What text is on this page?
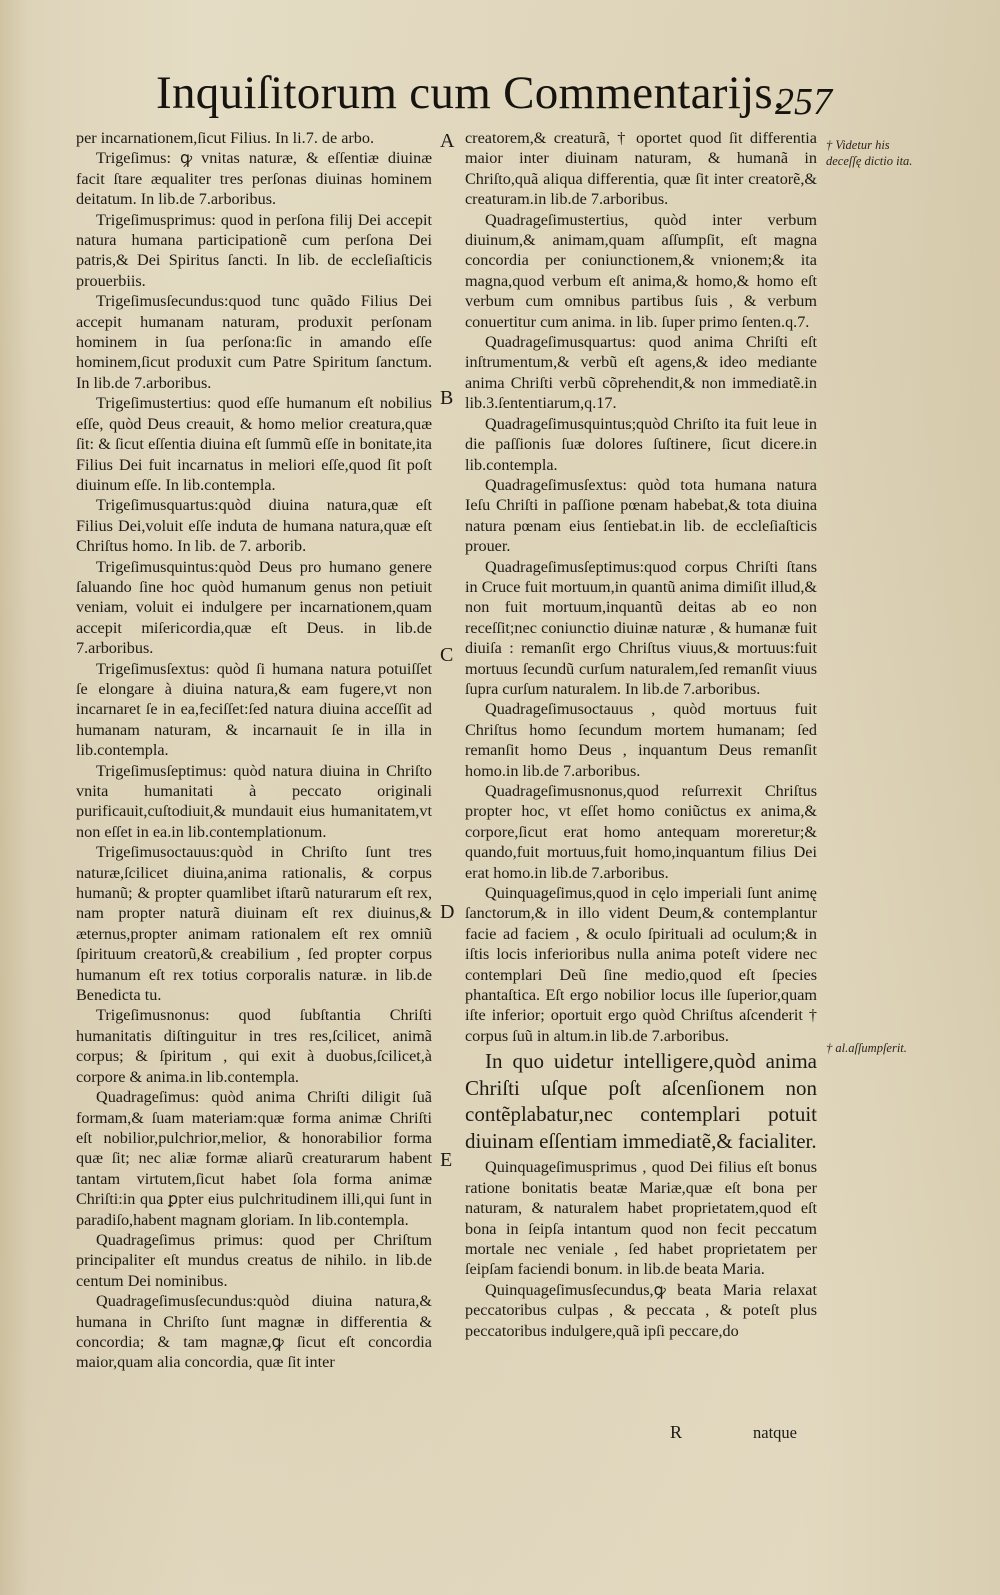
Inquiſitorum cum Commentarijs.
257

per incarnationem,ſicut Filius. In li.7. de arbo.

Trigeſimus: ꝙ vnitas naturæ, & eſſentiæ diuinæ facit ſtare æqualiter tres perſonas diuinas hominem deitatum. In lib.de 7.arboribus.

Trigeſimusprimus: quod in perſona filij Dei accepit natura humana participationẽ cum perſona Dei patris,& Dei Spiritus ſancti. In lib. de eccleſiaſticis prouerbiis.

Trigeſimusſecundus:quod tunc quãdo Filius Dei accepit humanam naturam, produxit perſonam hominem in ſua perſona:ſic in amando eſſe hominem,ſicut produxit cum Patre Spiritum ſanctum. In lib.de 7.arboribus.

Trigeſimustertius: quod eſſe humanum eſt nobilius eſſe, quòd Deus creauit, & homo melior creatura,quæ ſit: & ſicut eſſentia diuina eſt ſummũ eſſe in bonitate,ita Filius Dei fuit incarnatus in meliori eſſe,quod ſit poſt diuinum eſſe. In lib.contempla.

Trigeſimusquartus:quòd diuina natura,quæ eſt Filius Dei,voluit eſſe induta de humana natura,quæ eſt Chriſtus homo. In lib. de 7. arborib.

Trigeſimusquintus:quòd Deus pro humano genere ſaluando ſine hoc quòd humanum genus non petiuit veniam, voluit ei indulgere per incarnationem,quam accepit miſericordia,quæ eſt Deus. in lib.de 7.arboribus.

Trigeſimusſextus: quòd ſi humana natura potuiſſet ſe elongare à diuina natura,& eam fugere,vt non incarnaret ſe in ea,feciſſet:ſed natura diuina acceſſit ad humanam naturam, & incarnauit ſe in illa in lib.contempla.

Trigeſimusſeptimus: quòd natura diuina in Chriſto vnita humanitati à peccato originali purificauit,cuſtodiuit,& mundauit eius humanitatem,vt non eſſet in ea.in lib.contemplationum.

Trigeſimusoctauus:quòd in Chriſto ſunt tres naturæ,ſcilicet diuina,anima rationalis, & corpus humanũ; & propter quamlibet iſtarũ naturarum eſt rex, nam propter naturã diuinam eſt rex diuinus,& æternus,propter animam rationalem eſt rex omniũ ſpirituum creatorũ,& creabilium , ſed propter corpus humanum eſt rex totius corporalis naturæ. in lib.de Benedicta tu.

Trigeſimusnonus: quod ſubſtantia Chriſti humanitatis diſtinguitur in tres res,ſcilicet, animã corpus; & ſpiritum , qui exit à duobus,ſcilicet,à corpore & anima.in lib.contempla.

Quadrageſimus: quòd anima Chriſti diligit ſuã formam,& ſuam materiam:quæ forma animæ Chriſti eſt nobilior,pulchrior,melior, & honorabilior forma quæ ſit; nec aliæ formæ aliarũ creaturarum habent tantam virtutem,ſicut habet ſola forma animæ Chriſti:in qua ꝑpter eius pulchritudinem illi,qui ſunt in paradiſo,habent magnam gloriam. In lib.contempla.

Quadrageſimus primus: quod per Chriſtum principaliter eſt mundus creatus de nihilo. in lib.de centum Dei nominibus.

Quadrageſimusſecundus:quòd diuina natura,& humana in Chriſto ſunt magnæ in differentia & concordia; & tam magnæ,ꝙ ſicut eſt concordia maior,quam alia concordia, quæ ſit inter

creatorem,& creaturã, † oportet quod ſit differentia maior inter diuinam naturam, & humanã in Chriſto,quã aliqua differentia, quæ ſit inter creatorẽ,& creaturam.in lib.de 7.arboribus.

Quadrageſimustertius, quòd inter verbum diuinum,& animam,quam aſſumpſit, eſt magna concordia per coniunctionem,& vnionem;& ita magna,quod verbum eſt anima,& homo,& homo eſt verbum cum omnibus partibus ſuis , & verbum conuertitur cum anima. in lib. ſuper primo ſenten.q.7.

Quadrageſimusquartus: quod anima Chriſti eſt inſtrumentum,& verbũ eſt agens,& ideo mediante anima Chriſti verbũ cõprehendit,& non immediatẽ.in lib.3.ſententiarum,q.17.

Quadrageſimusquintus;quòd Chriſto ita fuit leue in die paſſionis ſuæ dolores ſuſtinere, ſicut dicere.in lib.contempla.

Quadrageſimusſextus: quòd tota humana natura Ieſu Chriſti in paſſione pœnam habebat,& tota diuina natura pœnam eius ſentiebat.in lib. de eccleſiaſticis prouer.

Quadrageſimusſeptimus:quod corpus Chriſti ſtans in Cruce fuit mortuum,in quantũ anima dimiſit illud,& non fuit mortuum,inquantũ deitas ab eo non receſſit;nec coniunctio diuinæ naturæ , & humanæ fuit diuiſa : remanſit ergo Chriſtus viuus,& mortuus:fuit mortuus ſecundũ curſum naturalem,ſed remanſit viuus ſupra curſum naturalem. In lib.de 7.arboribus.

Quadrageſimusoctauus , quòd mortuus fuit Chriſtus homo ſecundum mortem humanam; ſed remanſit homo Deus , inquantum Deus remanſit homo.in lib.de 7.arboribus.

Quadrageſimusnonus,quod reſurrexit Chriſtus propter hoc, vt eſſet homo coniũctus ex anima,& corpore,ſicut erat homo antequam moreretur;& quando,fuit mortuus,fuit homo,inquantum filius Dei erat homo.in lib.de 7.arboribus.

Quinquageſimus,quod in cęlo imperiali ſunt animę ſanctorum,& in illo vident Deum,& contemplantur facie ad faciem , & oculo ſpirituali ad oculum;& in iſtis locis inferioribus nulla anima poteſt videre nec contemplari Deũ ſine medio,quod eſt ſpecies phantaſtica. Eſt ergo nobilior locus ille ſuperior,quam iſte inferior; oportuit ergo quòd Chriſtus aſcenderit † corpus ſuũ in altum.in lib.de 7.arboribus.

In quo uidetur intelligere,quòd anima Chriſti uſque poſt aſcenſionem non contẽplabatur,nec contemplari potuit diuinam eſſentiam immediatẽ,& facialiter.

Quinquageſimusprimus , quod Dei filius eſt bonus ratione bonitatis beatæ Mariæ,quæ eſt bona per naturam, & naturalem habet proprietatem,quod eſt bona in ſeipſa intantum quod non fecit peccatum mortale nec veniale , ſed habet proprietatem per ſeipſam faciendi bonum. in lib.de beata Maria.

Quinquageſimusſecundus,ꝙ beata Maria relaxat peccatoribus culpas , & peccata , & poteſt plus peccatoribus indulgere,quã ipſi peccare,do

A
B
C
D
E
† Videtur his deceſſę dictio ita.
† al.aſſumpſerit.
R	natque
